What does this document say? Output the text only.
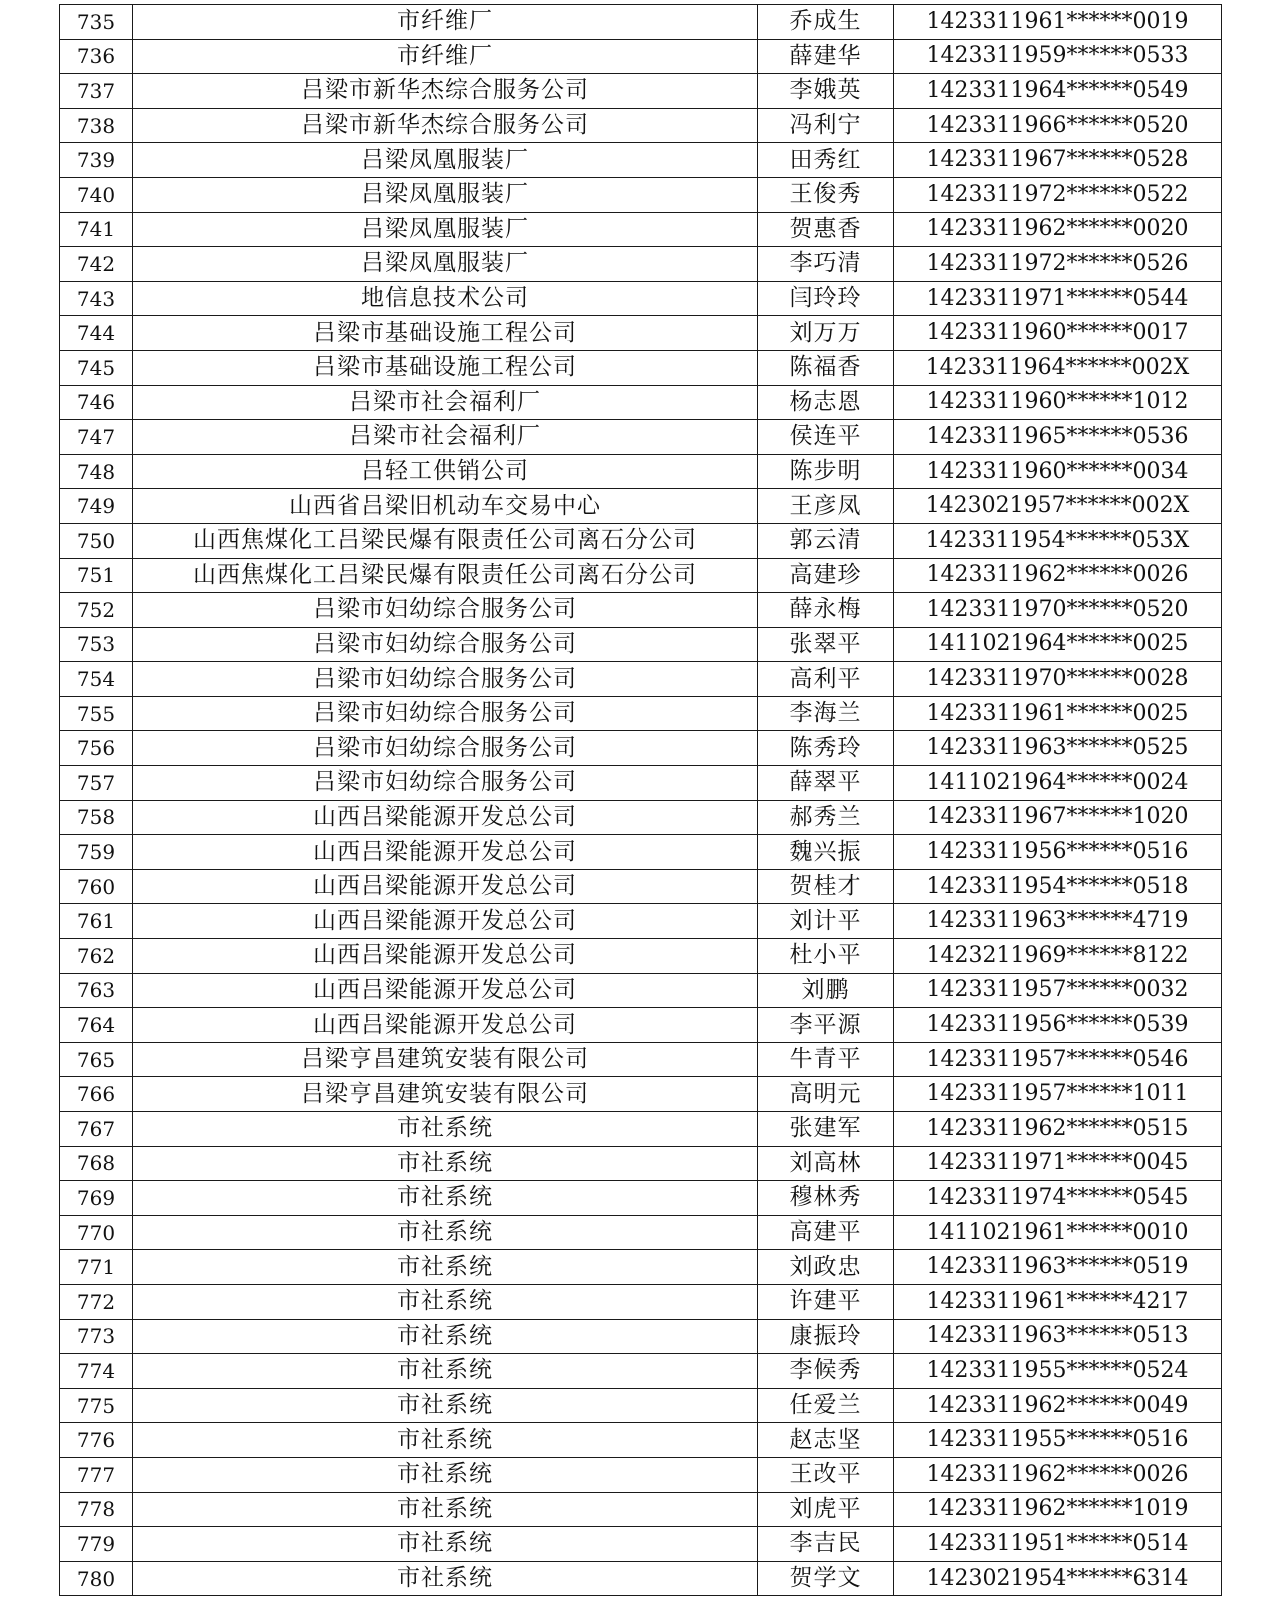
735	市纤维厂	乔成生	1423311961******0019
736	市纤维厂	薛建华	1423311959******0533
737	吕梁市新华杰综合服务公司	李娥英	1423311964******0549
738	吕梁市新华杰综合服务公司	冯利宁	1423311966******0520
739	吕梁凤凰服装厂	田秀红	1423311967******0528
740	吕梁凤凰服装厂	王俊秀	1423311972******0522
741	吕梁凤凰服装厂	贺惠香	1423311962******0020
742	吕梁凤凰服装厂	李巧清	1423311972******0526
743	地信息技术公司	闫玲玲	1423311971******0544
744	吕梁市基础设施工程公司	刘万万	1423311960******0017
745	吕梁市基础设施工程公司	陈福香	1423311964******002X
746	吕梁市社会福利厂	杨志恩	1423311960******1012
747	吕梁市社会福利厂	侯连平	1423311965******0536
748	吕轻工供销公司	陈步明	1423311960******0034
749	山西省吕梁旧机动车交易中心	王彦凤	1423021957******002X
750	山西焦煤化工吕梁民爆有限责任公司离石分公司	郭云清	1423311954******053X
751	山西焦煤化工吕梁民爆有限责任公司离石分公司	高建珍	1423311962******0026
752	吕梁市妇幼综合服务公司	薛永梅	1423311970******0520
753	吕梁市妇幼综合服务公司	张翠平	1411021964******0025
754	吕梁市妇幼综合服务公司	高利平	1423311970******0028
755	吕梁市妇幼综合服务公司	李海兰	1423311961******0025
756	吕梁市妇幼综合服务公司	陈秀玲	1423311963******0525
757	吕梁市妇幼综合服务公司	薛翠平	1411021964******0024
758	山西吕梁能源开发总公司	郝秀兰	1423311967******1020
759	山西吕梁能源开发总公司	魏兴振	1423311956******0516
760	山西吕梁能源开发总公司	贺桂才	1423311954******0518
761	山西吕梁能源开发总公司	刘计平	1423311963******4719
762	山西吕梁能源开发总公司	杜小平	1423211969******8122
763	山西吕梁能源开发总公司	刘鹏	1423311957******0032
764	山西吕梁能源开发总公司	李平源	1423311956******0539
765	吕梁亨昌建筑安装有限公司	牛青平	1423311957******0546
766	吕梁亨昌建筑安装有限公司	高明元	1423311957******1011
767	市社系统	张建军	1423311962******0515
768	市社系统	刘高林	1423311971******0045
769	市社系统	穆林秀	1423311974******0545
770	市社系统	高建平	1411021961******0010
771	市社系统	刘政忠	1423311963******0519
772	市社系统	许建平	1423311961******4217
773	市社系统	康振玲	1423311963******0513
774	市社系统	李候秀	1423311955******0524
775	市社系统	任爱兰	1423311962******0049
776	市社系统	赵志坚	1423311955******0516
777	市社系统	王改平	1423311962******0026
778	市社系统	刘虎平	1423311962******1019
779	市社系统	李吉民	1423311951******0514
780	市社系统	贺学文	1423021954******6314
